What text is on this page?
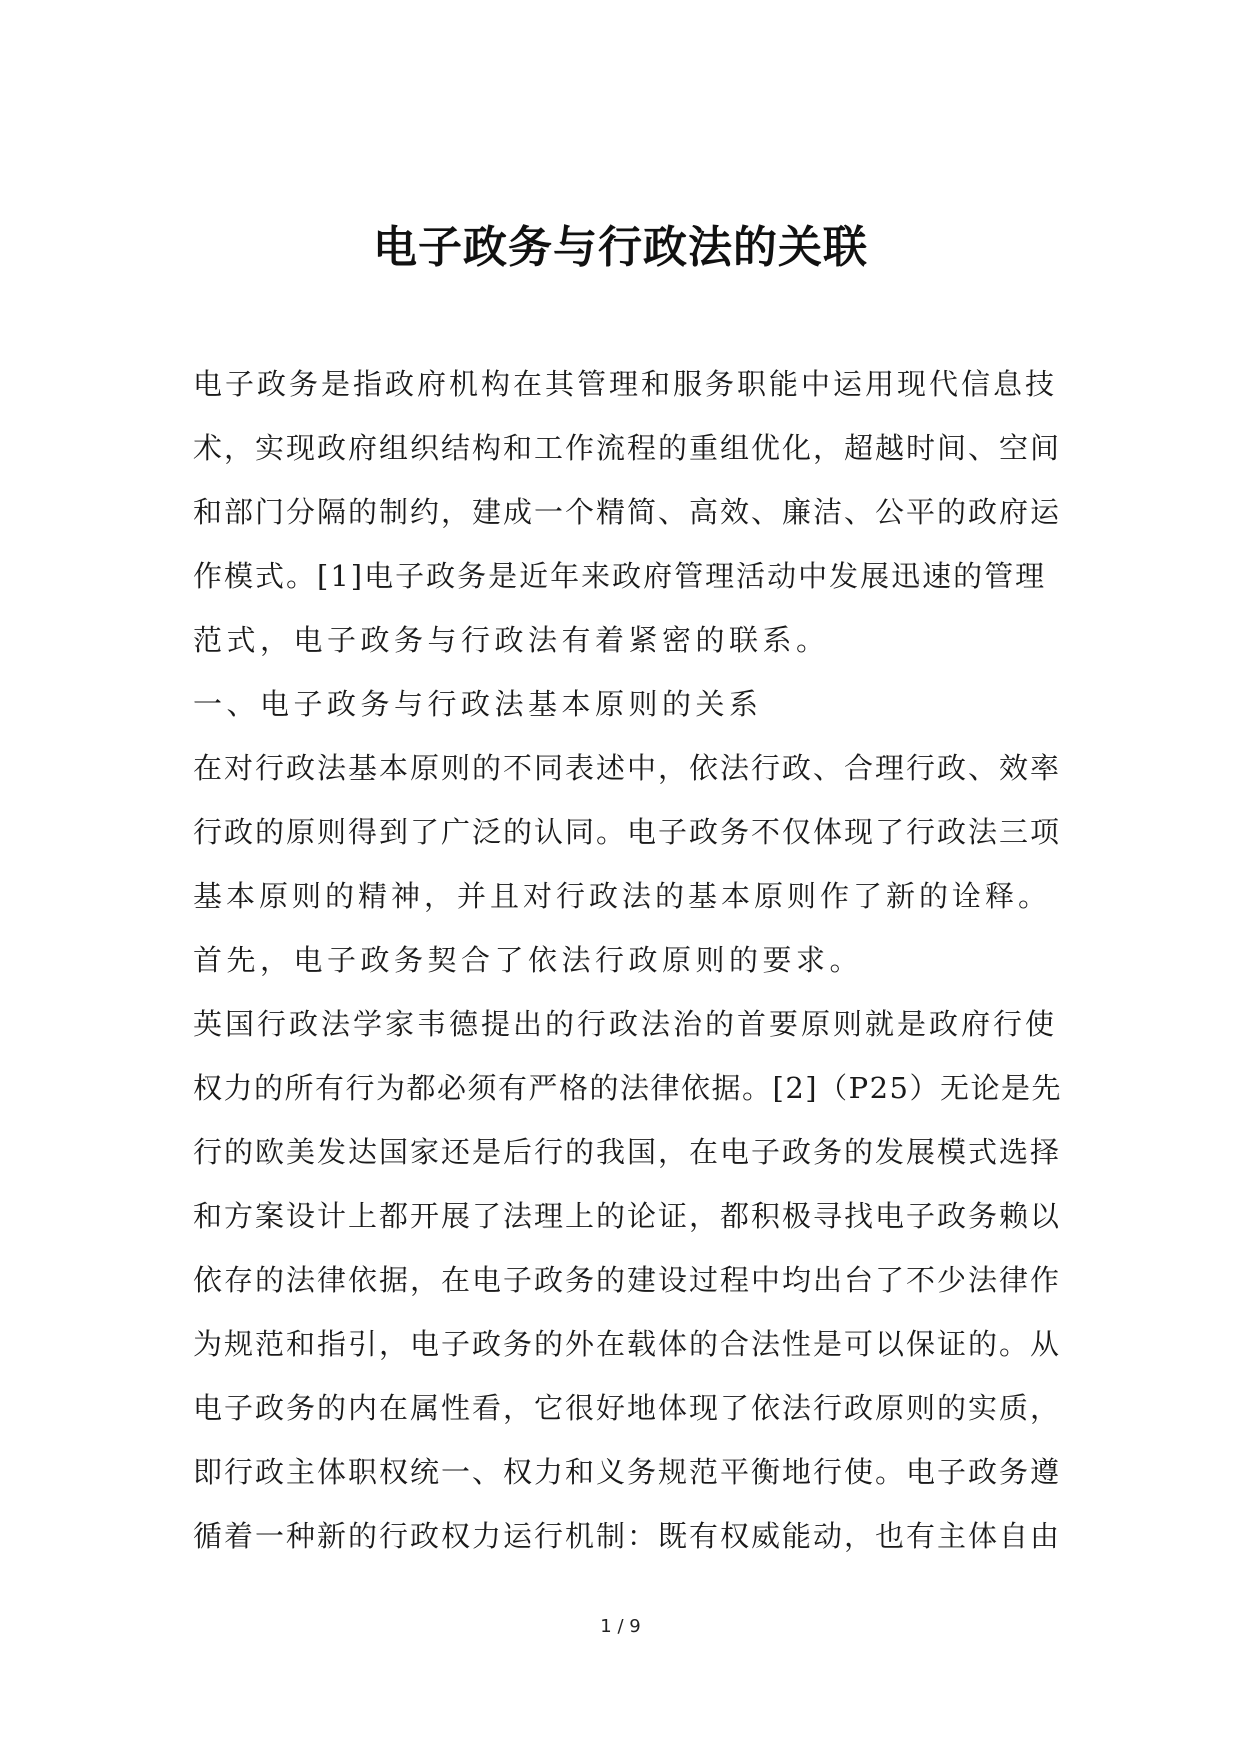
电子政务与行政法的关联
电子政务是指政府机构在其管理和服务职能中运用现代信息技
术，实现政府组织结构和工作流程的重组优化，超越时间、空间
和部门分隔的制约，建成一个精简、高效、廉洁、公平的政府运
作模式。[1]电子政务是近年来政府管理活动中发展迅速的管理
范式，电子政务与行政法有着紧密的联系。
一、电子政务与行政法基本原则的关系
在对行政法基本原则的不同表述中，依法行政、合理行政、效率
行政的原则得到了广泛的认同。电子政务不仅体现了行政法三项
基本原则的精神，并且对行政法的基本原则作了新的诠释。
首先，电子政务契合了依法行政原则的要求。
英国行政法学家韦德提出的行政法治的首要原则就是政府行使
权力的所有行为都必须有严格的法律依据。[2]（P25）无论是先
行的欧美发达国家还是后行的我国，在电子政务的发展模式选择
和方案设计上都开展了法理上的论证，都积极寻找电子政务赖以
依存的法律依据，在电子政务的建设过程中均出台了不少法律作
为规范和指引，电子政务的外在载体的合法性是可以保证的。从
电子政务的内在属性看，它很好地体现了依法行政原则的实质，
即行政主体职权统一、权力和义务规范平衡地行使。电子政务遵
循着一种新的行政权力运行机制：既有权威能动，也有主体自由
1 / 9
